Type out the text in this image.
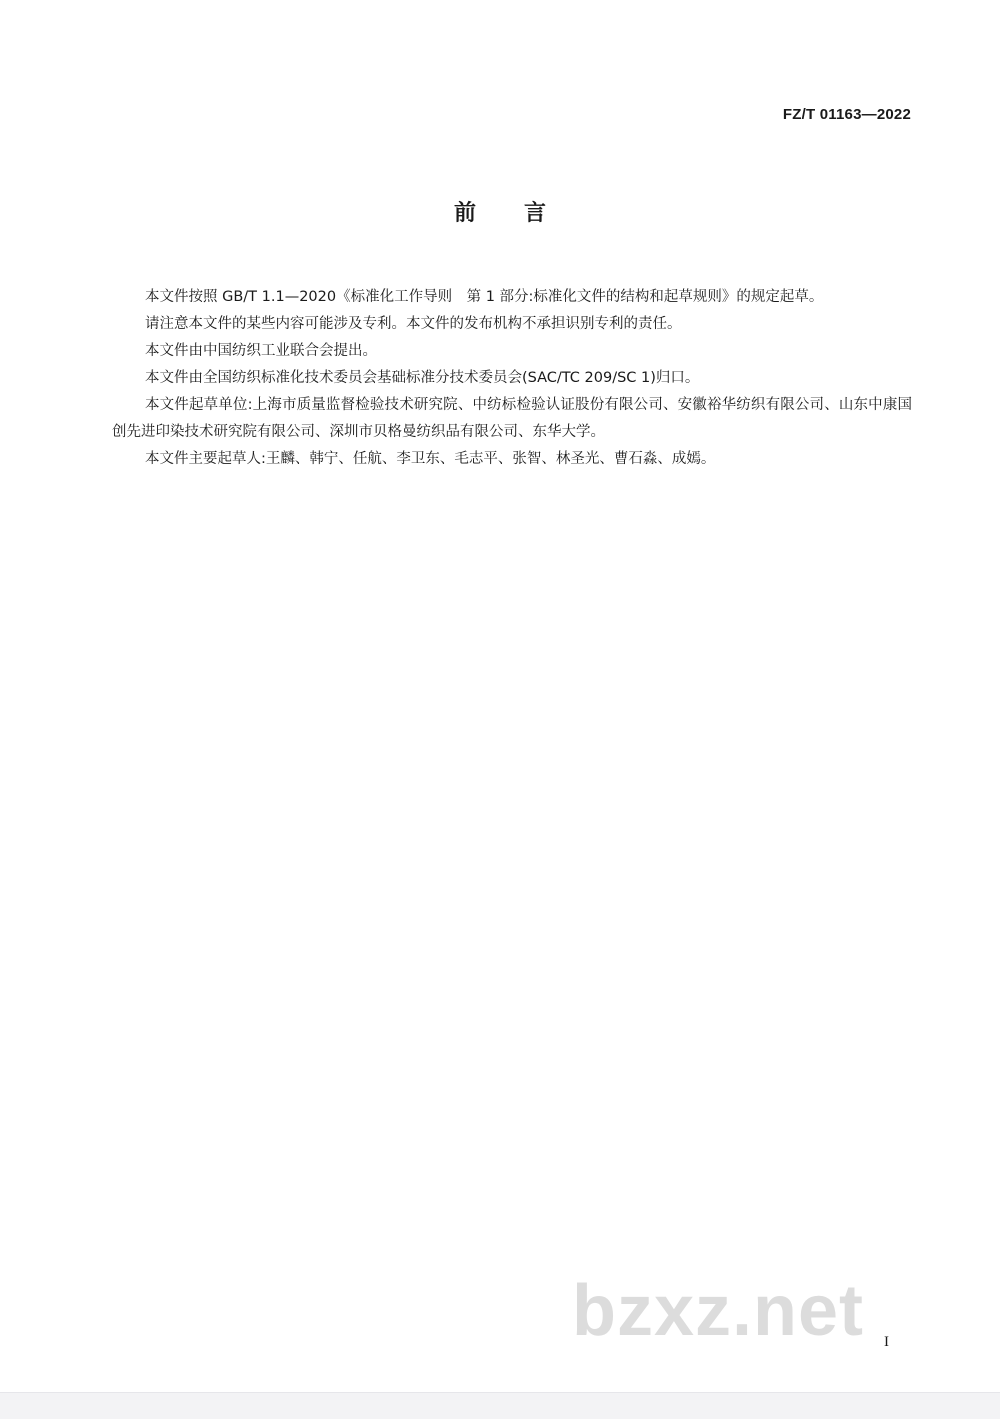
FZ/T 01163—2022
前言

本文件按照 GB/T 1.1—2020《标准化工作导则　第 1 部分:标准化文件的结构和起草规则》的规定起草。

请注意本文件的某些内容可能涉及专利。本文件的发布机构不承担识别专利的责任。

本文件由中国纺织工业联合会提出。

本文件由全国纺织标准化技术委员会基础标准分技术委员会(SAC/TC 209/SC 1)归口。

本文件起草单位:上海市质量监督检验技术研究院、中纺标检验认证股份有限公司、安徽裕华纺织有限公司、山东中康国创先进印染技术研究院有限公司、深圳市贝格曼纺织品有限公司、东华大学。

本文件主要起草人:王麟、韩宁、任航、李卫东、毛志平、张智、林圣光、曹石淼、成嫣。

bzxz.net I
